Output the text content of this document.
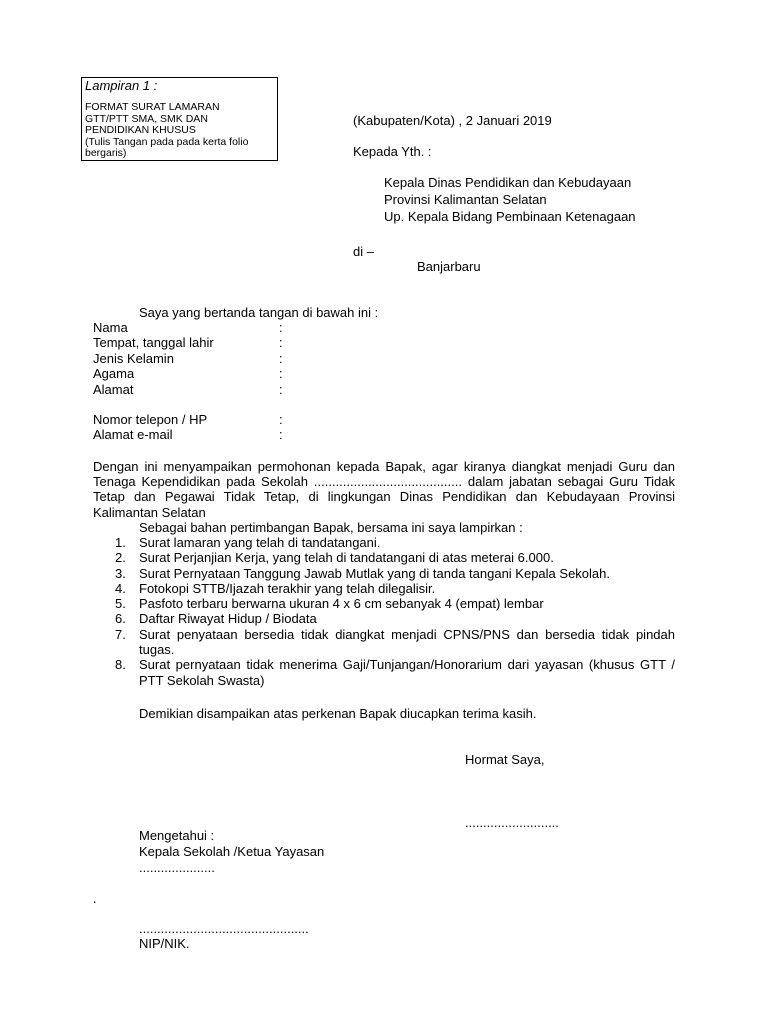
Lampiran 1 :
FORMAT SURAT LAMARAN
GTT/PTT SMA, SMK DAN
PENDIDIKAN KHUSUS
(Tulis Tangan pada pada kerta folio
bergaris)
(Kabupaten/Kota) , 2 Januari 2019
Kepada Yth. :
Kepala Dinas Pendidikan dan Kebudayaan
Provinsi Kalimantan Selatan
Up. Kepala Bidang Pembinaan Ketenagaan
di –
Banjarbaru
Saya yang bertanda tangan di bawah ini :
Nama	:
Tempat, tanggal lahir	:
Jenis Kelamin	:
Agama	:
Alamat	:
Nomor telepon / HP	:
Alamat e-mail	:
Dengan ini menyampaikan permohonan kepada Bapak, agar kiranya diangkat menjadi Guru dan Tenaga Kependidikan pada Sekolah ......................................... dalam jabatan sebagai Guru Tidak Tetap dan Pegawai Tidak Tetap, di lingkungan Dinas Pendidikan dan Kebudayaan Provinsi Kalimantan Selatan
Sebagai bahan pertimbangan Bapak, bersama ini saya lampirkan :
1. Surat lamaran yang telah di tandatangani.
2. Surat Perjanjian Kerja, yang telah di tandatangani di atas meterai 6.000.
3. Surat Pernyataan Tanggung Jawab Mutlak yang di tanda tangani Kepala Sekolah.
4. Fotokopi STTB/Ijazah terakhir yang telah dilegalisir.
5. Pasfoto terbaru berwarna ukuran 4 x 6 cm sebanyak 4 (empat) lembar
6. Daftar Riwayat Hidup / Biodata
7. Surat penyataan bersedia tidak diangkat menjadi CPNS/PNS dan bersedia tidak pindah tugas.
8. Surat pernyataan tidak menerima Gaji/Tunjangan/Honorarium dari yayasan (khusus GTT / PTT Sekolah Swasta)
Demikian disampaikan atas perkenan Bapak diucapkan terima kasih.
Hormat Saya,
..........................
Mengetahui :
Kepala Sekolah /Ketua Yayasan
.....................
.
...............................................
NIP/NIK.
